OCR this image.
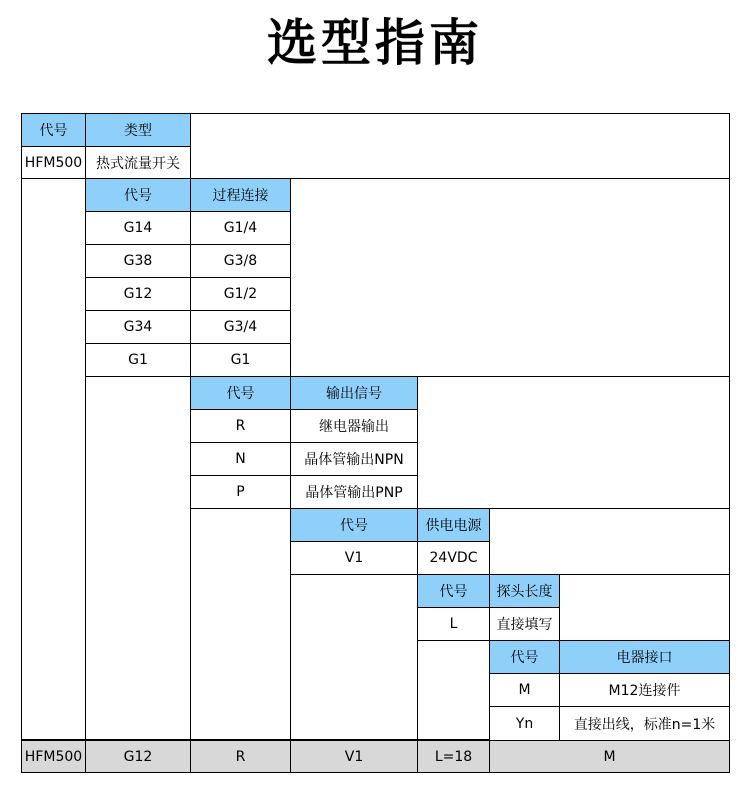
选型指南
代号	类型
HFM500 热式流量开关
代号	过程连接
G14	G1/4
G38	G3/8
G12	G1/2
G34	G3/4
G1	G1
代号	输出信号
R	继电器输出
N	晶体管输出NPN
P	晶体管输出PNP
代号	供电电源
V1	24VDC
代号	探头长度
L	直接填写
代号	电器接口
M	M12连接件
Yn	直接出线，标准n=1米
HFM500	G12	R	V1	L=18	M
